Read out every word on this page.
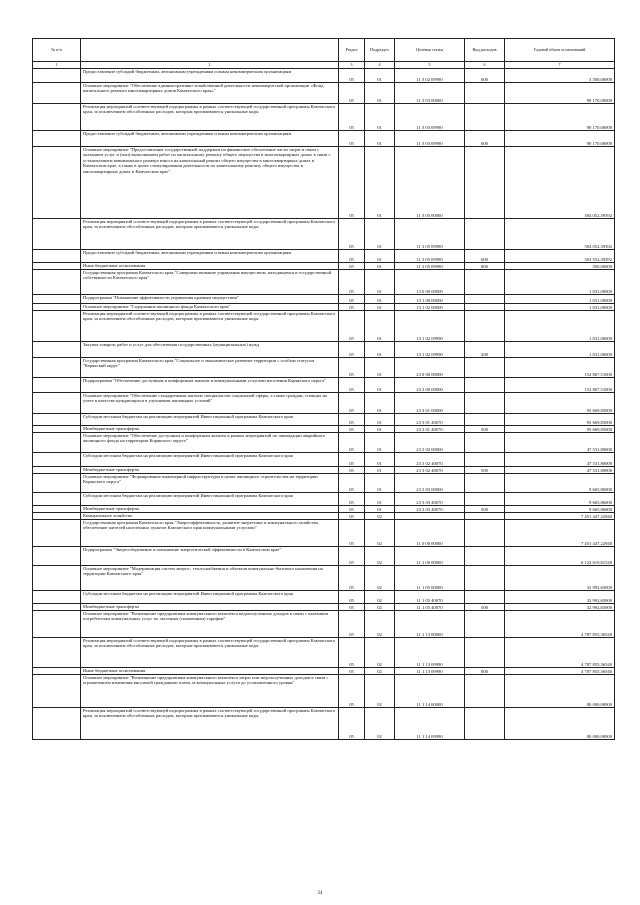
№ п/п		Раздел	Подраздел	Целевая статья	Вид расходов	Годовой объем ассигнований
1	2	3	4	5	6	7
	Предоставление субсидий бюджетным, автономным учреждениям и иным некоммерческим организациям	05	01	11 3 02 09990	600	3 500,00000
	Основное мероприятие "Обеспечение административно-хозяйственной деятельности некоммерческой организации «Фонд капитального ремонта многоквартирных домов Камчатского края»"	05	01	11 3 03 00000		90 170,00000
	Реализация мероприятий соответствующей подпрограммы в рамках соответствующей государственной программы Камчатского края, за исключением обособленных расходов, которым присваиваются уникальные коды	05	01	11 3 03 09990		90 170,00000
	Предоставление субсидий бюджетным, автономным учреждениям и иным некоммерческим организациям	05	01	11 3 03 09990	600	90 170,00000
	Основное мероприятие "Предоставление государственной поддержки на финансовое обеспечение части затрат в связи с оказанием услуг и (или) выполнением работ по капитальному ремонту общего имущества в многоквартирных домах в связи с установлением минимального размера взноса на капитальный ремонт общего имущества в многоквартирных домах в Камчатском крае, а также в целях стимулирования деятельности по капитальному ремонту общего имущества в многоквартирных домах в Камчатском крае"	05	01	11 3 05 00000		504 052,39392
	Реализация мероприятий соответствующей подпрограммы в рамках соответствующей государственной программы Камчатского края, за исключением обособленных расходов, которым присваиваются уникальные коды	05	01	11 3 05 09990		504 052,39392
	Предоставление субсидий бюджетным, автономным учреждениям и иным некоммерческим организациям	05	01	11 3 05 09990	600	503 552,39392
	Иные бюджетные ассигнования	05	01	11 3 05 09990	800	500,00000
	Государственная программа Камчатского края "Совершенствование управления имуществом, находящимся в государственной собственности Камчатского края"	05	01	13 0 00 00000		1 031,00000
	Подпрограмма "Повышение эффективности управления краевым имуществом"	05	01	13 1 00 00000		1 031,00000
	Основное мероприятие "Содержание жилищного фонда Камчатского края"	05	01	13 1 02 00000		1 031,00000
	Реализация мероприятий соответствующей подпрограммы в рамках соответствующей государственной программы Камчатского края, за исключением обособленных расходов, которым присваиваются уникальные коды	05	01	13 1 02 09990		1 031,00000
	Закупка товаров, работ и услуг для обеспечения государственных (муниципальных) нужд	05	01	13 1 02 09990	200	1 031,00000
	Государственная программа Камчатского края "Социальное и экономическое развитие территории с особым статусом "Корякский округ"	05	01	23 0 00 00000		152 867,51000
	Подпрограмма "Обеспечение доступным и комфортным жильем и коммунальными услугами населения Корякского округа"	05	01	23 3 00 00000		152 867,51000
	Основное мероприятие "Обеспечение стандартными жильем специалистов социальной сферы, а также граждан, стоящих на учете в качестве нуждающихся в улучшении жилищных условий"	05	01	23 3 01 00000		95 669,85000
	Субсидии местным бюджетам на реализацию мероприятий Инвестиционной программы Камчатского края	05	01	23 3 01 40070		95 669,85000
	Межбюджетные трансферты	05	01	23 3 01 40070	500	95 669,85000
	Основное мероприятие "Обеспечение доступным и комфортным жильем в рамках мероприятий по ликвидации аварийного жилищного фонда на территории Корякского округа"	05	01	23 3 02 00000		47 531,80000
	Субсидии местным бюджетам на реализацию мероприятий Инвестиционной программы Камчатского края	05	01	23 3 02 40070		47 531,80000
	Межбюджетные трансферты	05	01	23 3 02 40070	500	47 531,80000
	Основное мероприятие "Формирование инженерной инфраструктуры в целях жилищного строительства на территории Корякского округа"	05	01	23 3 03 00000		9 665,86000
	Субсидии местным бюджетам на реализацию мероприятий Инвестиционной программы Камчатского края	05	01	23 3 03 40070		9 665,86000
	Межбюджетные трансферты	05	01	23 3 03 40070	500	9 665,86000
	Коммунальное хозяйство	05	02			7 451 447,22940
	Государственная программа Камчатского края "Энергоэффективность, развитие энергетики и коммунального хозяйства, обеспечение жителей населенных пунктов Камчатского края коммунальными услугами"	05	02	11 0 00 00000		7 451 447,22940
	Подпрограмма "Энергосбережение и повышение энергетической эффективности в Камчатском крае"	05	02	11 1 00 00000		6 122 610,61540
	Основное мероприятие "Модернизация систем энерго-, теплоснабжения и объектов коммунально-бытового назначения на территории Камчатского края"	05	02	11 1 05 00000		32 992,65000
	Субсидии местным бюджетам на реализацию мероприятий Инвестиционной программы Камчатского края	05	02	11 1 05 40070		32 992,65000
	Межбюджетные трансферты	05	02	11 1 05 40070	500	32 992,65000
	Основное мероприятие "Возмещение предприятиям коммунального комплекса недополученных доходов в связи с оказанием потребителям коммунальных услуг по льготным (сниженным) тарифам"	05	02	11 1 13 00000		4 787 855,36540
	Реализация мероприятий соответствующей подпрограммы в рамках соответствующей государственной программы Камчатского края, за исключением обособленных расходов, которым присваиваются уникальные коды	05	02	11 1 13 09990		4 787 855,36540
	Иные бюджетные ассигнования	05	02	11 1 13 09990	800	4 787 855,36540
	Основное мероприятие "Возмещение предприятиям коммунального комплекса затрат или недополученных доходов в связи с ограничением изменения вносимой гражданами платы за коммунальные услуги до установленного уровня"	05	02	11 1 14 00000		80 000,00000
	Реализация мероприятий соответствующей подпрограммы в рамках соответствующей государственной программы Камчатского края, за исключением обособленных расходов, которым присваиваются уникальные коды	05	02	11 1 14 09990		80 000,00000
34
